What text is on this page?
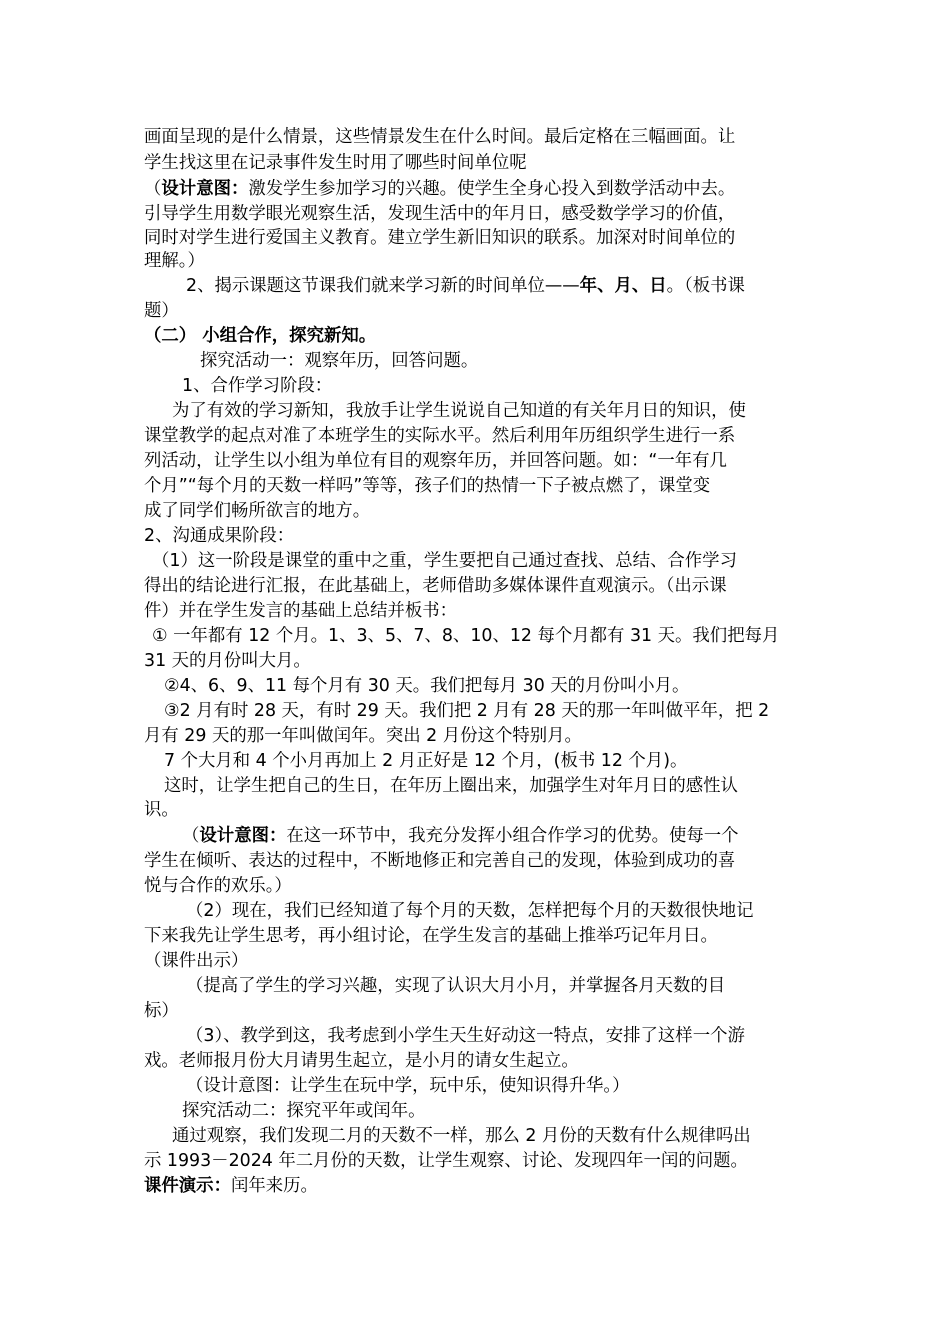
画面呈现的是什么情景，这些情景发生在什么时间。最后定格在三幅画面。让
学生找这里在记录事件发生时用了哪些时间单位呢
（设计意图：激发学生参加学习的兴趣。使学生全身心投入到数学活动中去。
引导学生用数学眼光观察生活，发现生活中的年月日，感受数学学习的价值，
同时对学生进行爱国主义教育。建立学生新旧知识的联系。加深对时间单位的
理解。）
2、揭示课题这节课我们就来学习新的时间单位——年、月、日。（板书课
题）
（二） 小组合作，探究新知。
探究活动一：观察年历，回答问题。
1、合作学习阶段：
为了有效的学习新知，我放手让学生说说自己知道的有关年月日的知识，使
课堂教学的起点对准了本班学生的实际水平。然后利用年历组织学生进行一系
列活动，让学生以小组为单位有目的观察年历，并回答问题。如：“一年有几
个月”“每个月的天数一样吗”等等，孩子们的热情一下子被点燃了，课堂变
成了同学们畅所欲言的地方。
2、沟通成果阶段：
（1）这一阶段是课堂的重中之重，学生要把自己通过查找、总结、合作学习
得出的结论进行汇报，在此基础上，老师借助多媒体课件直观演示。（出示课
件）并在学生发言的基础上总结并板书：
① 一年都有 12 个月。1、3、5、7、8、10、12 每个月都有 31 天。我们把每月
31 天的月份叫大月。
②4、6、9、11 每个月有 30 天。我们把每月 30 天的月份叫小月。
③2 月有时 28 天，有时 29 天。我们把 2 月有 28 天的那一年叫做平年，把 2
月有 29 天的那一年叫做闰年。突出 2 月份这个特别月。
7 个大月和 4 个小月再加上 2 月正好是 12 个月，(板书 12 个月)。
这时，让学生把自己的生日，在年历上圈出来，加强学生对年月日的感性认
识。
（设计意图：在这一环节中，我充分发挥小组合作学习的优势。使每一个
学生在倾听、表达的过程中，不断地修正和完善自己的发现，体验到成功的喜
悦与合作的欢乐。）
（2）现在，我们已经知道了每个月的天数，怎样把每个月的天数很快地记
下来我先让学生思考，再小组讨论，在学生发言的基础上推举巧记年月日。
（课件出示）
（提高了学生的学习兴趣，实现了认识大月小月，并掌握各月天数的目
标）
（3）、教学到这，我考虑到小学生天生好动这一特点，安排了这样一个游
戏。老师报月份大月请男生起立，是小月的请女生起立。
（设计意图：让学生在玩中学，玩中乐，使知识得升华。）
探究活动二：探究平年或闰年。
通过观察，我们发现二月的天数不一样，那么 2 月份的天数有什么规律吗出
示 1993－2024 年二月份的天数，让学生观察、讨论、发现四年一闰的问题。
课件演示：闰年来历。
